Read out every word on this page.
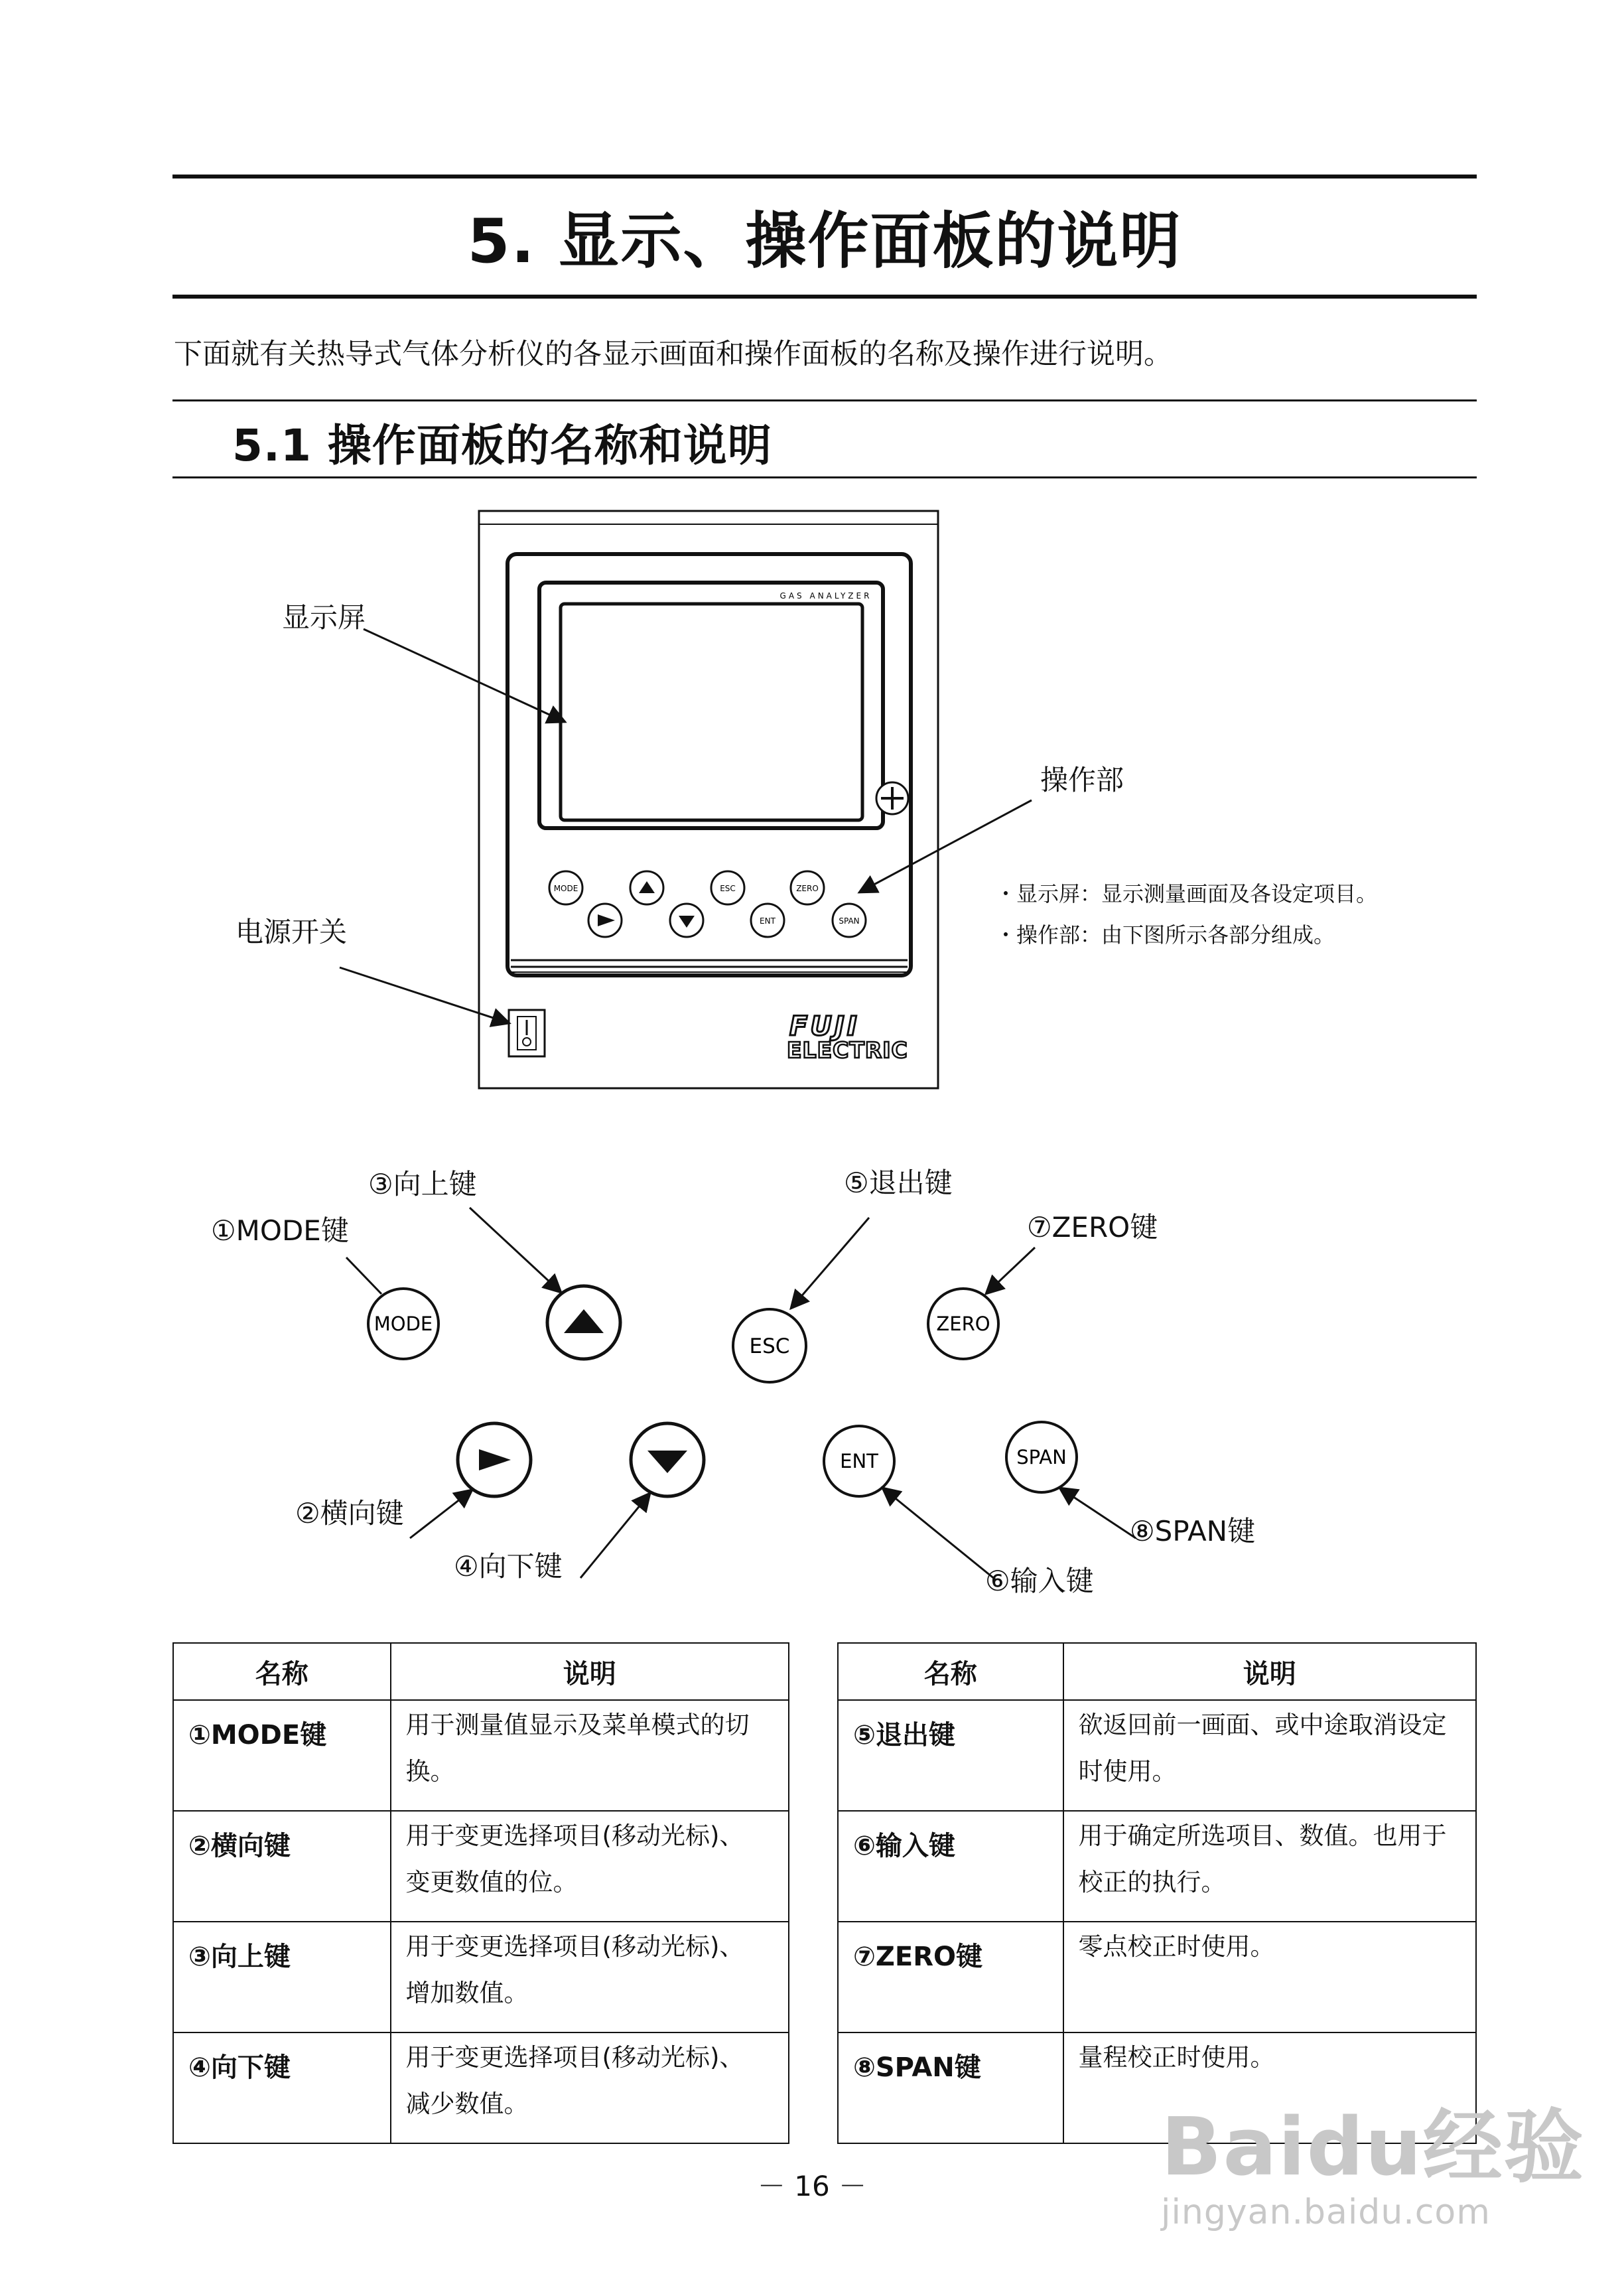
5. 显示、操作面板的说明
下面就有关热导式气体分析仪的各显示画面和操作面板的名称及操作进行说明。
5.1 操作面板的名称和说明
GAS ANALYZER
MODE	ESC
ENT
ZERO
SPAN
FUJI
ELECTRIC
MODE
ESC
ZERO
ENT	SPAN
显示屏
操作部
电源开关
・显示屏：显示测量画面及各设定项目。
・操作部：由下图所示各部分组成。
①MODE键
③向上键	⑤退出键
⑦ZERO键
②横向键
④向下键	⑥输入键
⑧SPAN键
名称	说明
①MODE键	用于测量值显示及菜单模式的切换。

②横向键	用于变更选择项目(移动光标)、
变更数值的位。

③向上键	用于变更选择项目(移动光标)、
增加数值。

④向下键	用于变更选择项目(移动光标)、
减少数值。
名称	说明
⑤退出键	欲返回前一画面、或中途取消设定
时使用。

⑥输入键	用于确定所选项目、数值。也用于
校正的执行。

⑦ZERO键	零点校正时使用。

⑧SPAN键	量程校正时使用。
－ 16 －	Baidu经验
jingyan.baidu.com
